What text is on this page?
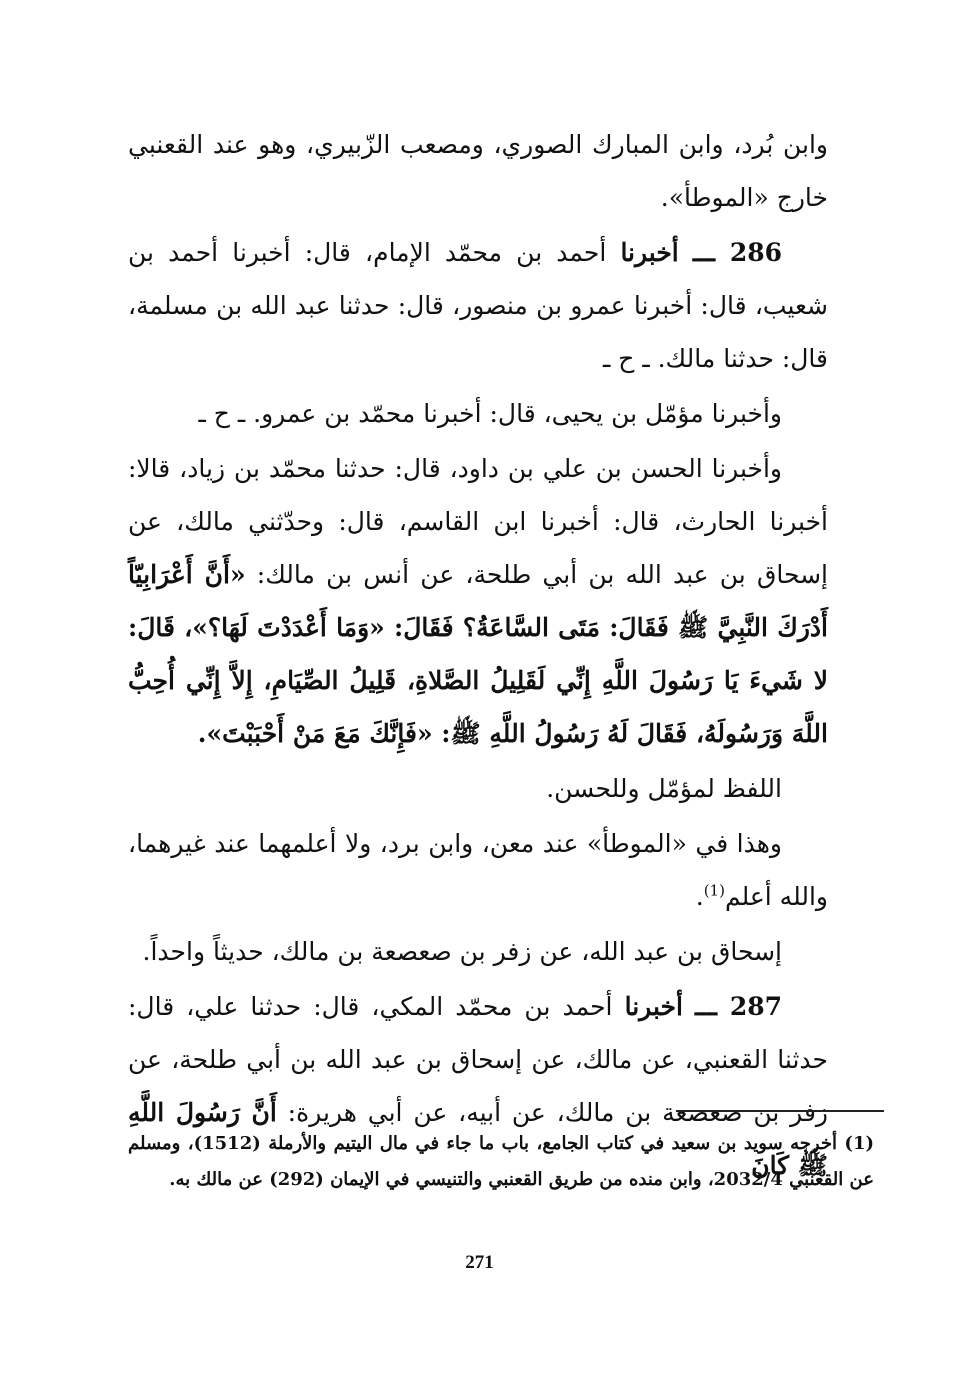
وابن بُرد، وابن المبارك الصوري، ومصعب الزّبيري، وهو عند القعنبي خارج «الموطأ».

286 ـــ أخبرنا أحمد بن محمّد الإمام، قال: أخبرنا أحمد بن شعيب، قال: أخبرنا عمرو بن منصور، قال: حدثنا عبد الله بن مسلمة، قال: حدثنا مالك. ـ ح ـ

وأخبرنا مؤمّل بن يحيى، قال: أخبرنا محمّد بن عمرو. ـ ح ـ

وأخبرنا الحسن بن علي بن داود، قال: حدثنا محمّد بن زياد، قالا: أخبرنا الحارث، قال: أخبرنا ابن القاسم، قال: وحدّثني مالك، عن إسحاق بن عبد الله بن أبي طلحة، عن أنس بن مالك: «أَنَّ أَعْرَابِيّاً أَدْرَكَ النَّبِيَّ ﷺ فَقَالَ: مَتَى السَّاعَةُ؟ فَقَالَ: «وَمَا أَعْدَدْتَ لَهَا؟»، قَالَ: لا شَيءَ يَا رَسُولَ اللَّهِ إِنِّي لَقَلِيلُ الصَّلاةِ، قَلِيلُ الصِّيَامِ، إِلاَّ إِنِّي أُحِبُّ اللَّهَ وَرَسُولَهُ، فَقَالَ لَهُ رَسُولُ اللَّهِ ﷺ: «فَإِنَّكَ مَعَ مَنْ أَحْبَبْتَ».

اللفظ لمؤمّل وللحسن.

وهذا في «الموطأ» عند معن، وابن برد، ولا أعلمهما عند غيرهما، والله أعلم$^{(1)}$.

إسحاق بن عبد الله، عن زفر بن صعصعة بن مالك، حديثاً واحداً.

287 ـــ أخبرنا أحمد بن محمّد المكي، قال: حدثنا علي، قال: حدثنا القعنبي، عن مالك، عن إسحاق بن عبد الله بن أبي طلحة، عن زفر بن صعصعة بن مالك، عن أبيه، عن أبي هريرة: أَنَّ رَسُولَ اللَّهِ ﷺ كَانَ

(1) أخرجه سويد بن سعيد في كتاب الجامع، باب ما جاء في مال اليتيم والأرملة (1512)، ومسلم عن القعنبي 2032/4، وابن منده من طريق القعنبي والتنيسي في الإيمان (292) عن مالك به.

271
